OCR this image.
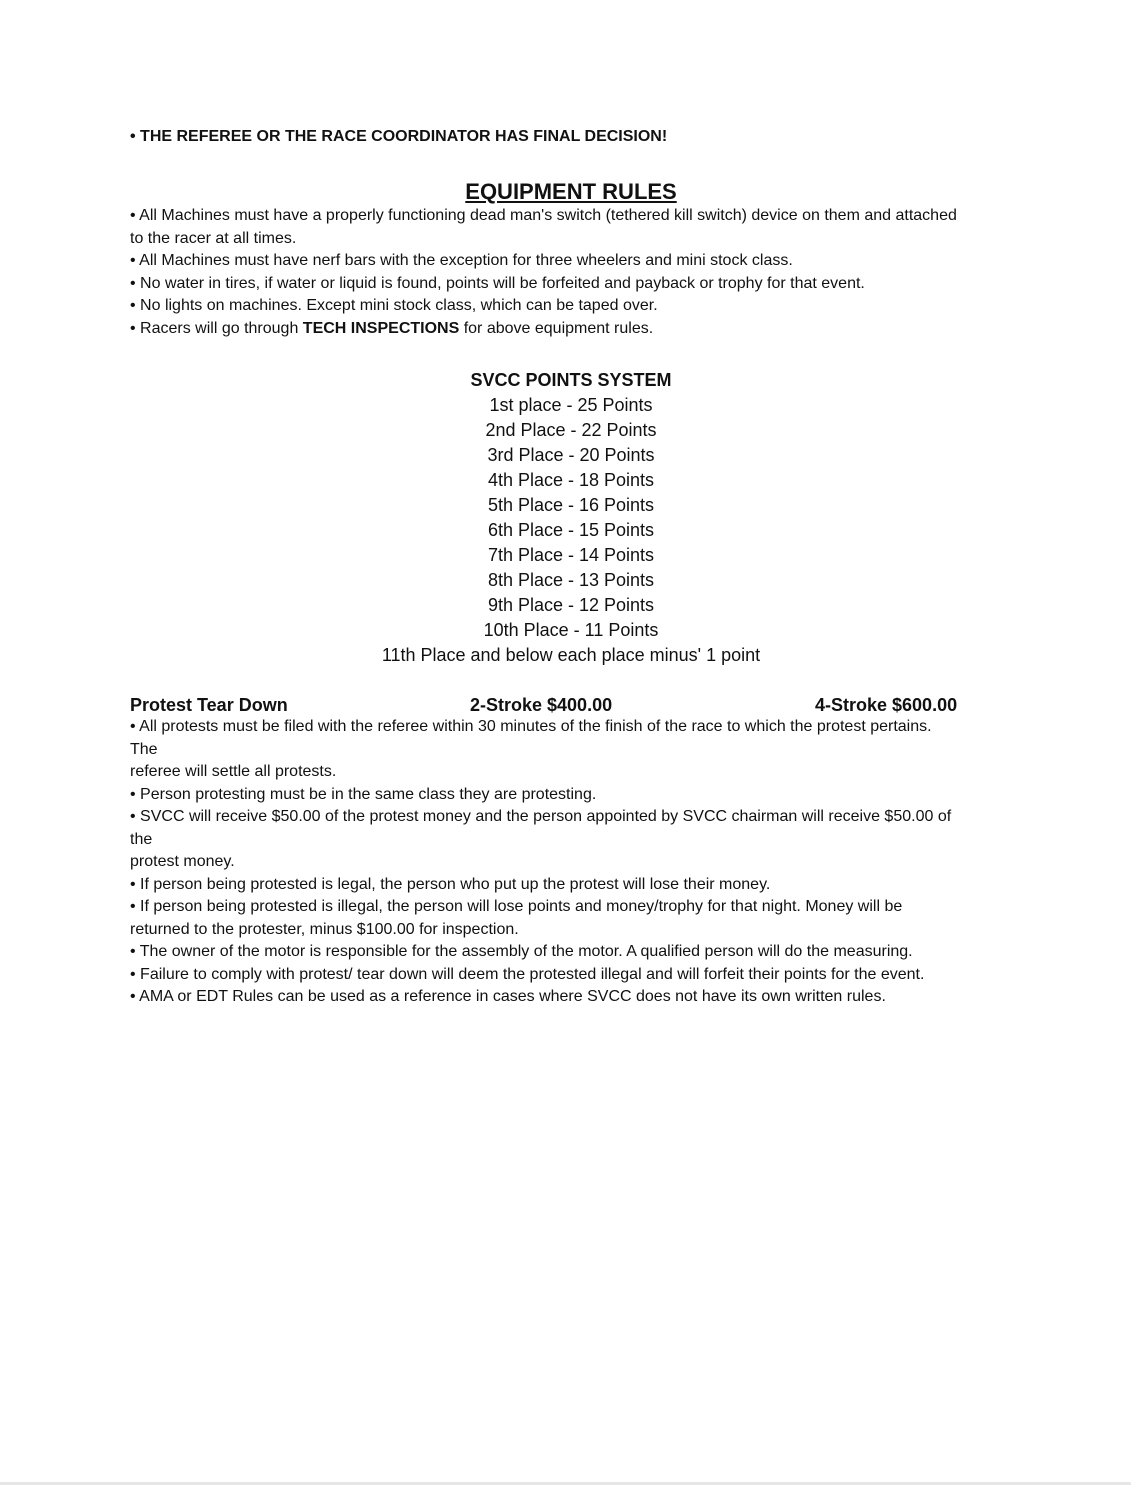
• THE REFEREE OR THE RACE COORDINATOR HAS FINAL DECISION!

EQUIPMENT RULES
• All Machines must have a properly functioning dead man's switch (tethered kill switch) device on them and attached
to the racer at all times.
• All Machines must have nerf bars with the exception for three wheelers and mini stock class.
• No water in tires, if water or liquid is found, points will be forfeited and payback or trophy for that event.
• No lights on machines. Except mini stock class, which can be taped over.
• Racers will go through TECH INSPECTIONS for above equipment rules.

SVCC POINTS SYSTEM

1st place - 25 Points
2nd Place - 22 Points
3rd Place - 20 Points
4th Place - 18 Points
5th Place - 16 Points
6th Place - 15 Points
7th Place - 14 Points
8th Place - 13 Points
9th Place - 12 Points
10th Place - 11 Points
11th Place and below each place minus' 1 point
Protest Tear Down	2-Stroke $400.00	4-Stroke $600.00
• All protests must be filed with the referee within 30 minutes of the finish of the race to which the protest pertains.
The
referee will settle all protests.
• Person protesting must be in the same class they are protesting.
• SVCC will receive $50.00 of the protest money and the person appointed by SVCC chairman will receive $50.00 of
the
protest money.
• If person being protested is legal, the person who put up the protest will lose their money.
• If person being protested is illegal, the person will lose points and money/trophy for that night. Money will be
returned to the protester, minus $100.00 for inspection.
• The owner of the motor is responsible for the assembly of the motor. A qualified person will do the measuring.
• Failure to comply with protest/ tear down will deem the protested illegal and will forfeit their points for the event.
• AMA or EDT Rules can be used as a reference in cases where SVCC does not have its own written rules.
